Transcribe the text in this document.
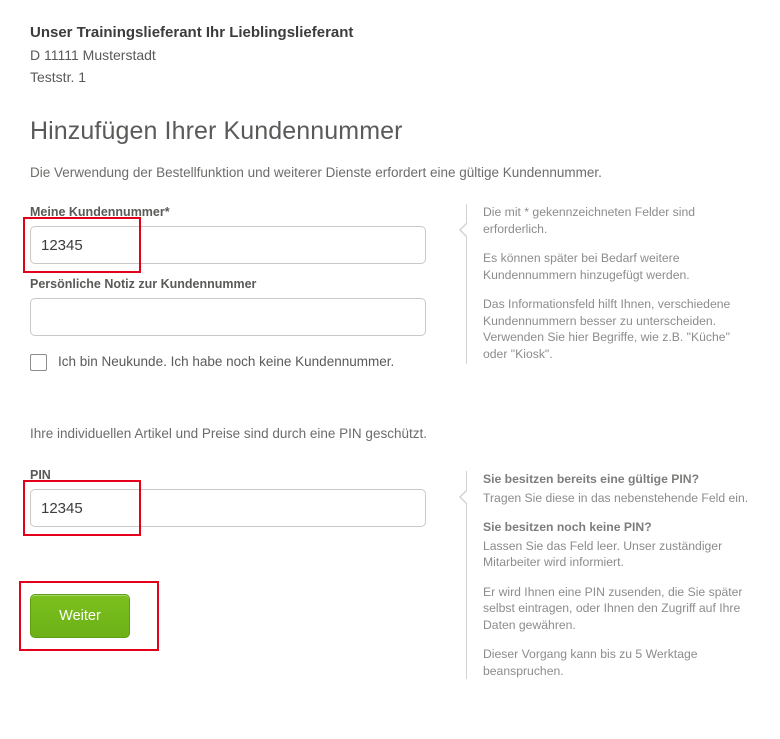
Unser Trainingslieferant Ihr Lieblingslieferant
D 11111 Musterstadt
Teststr. 1
Hinzufügen Ihrer Kundennummer

Die Verwendung der Bestellfunktion und weiterer Dienste erfordert eine gültige Kundennummer.

Meine Kundennummer*
12345
Persönliche Notiz zur Kundennummer
Ich bin Neukunde. Ich habe noch keine Kundennummer.

Die mit * gekennzeichneten Felder sind erforderlich.

Es können später bei Bedarf weitere Kundennummern hinzugefügt werden.

Das Informationsfeld hilft Ihnen, verschiedene Kundennummern besser zu unterscheiden. Verwenden Sie hier Begriffe, wie z.B. "Küche" oder "Kiosk".

Ihre individuellen Artikel und Preise sind durch eine PIN geschützt.

PIN
12345
Weiter

Sie besitzen bereits eine gültige PIN?

Tragen Sie diese in das nebenstehende Feld ein.

Sie besitzen noch keine PIN?

Lassen Sie das Feld leer. Unser zuständiger Mitarbeiter wird informiert.

Er wird Ihnen eine PIN zusenden, die Sie später selbst eintragen, oder Ihnen den Zugriff auf Ihre Daten gewähren.

Dieser Vorgang kann bis zu 5 Werktage beanspruchen.
